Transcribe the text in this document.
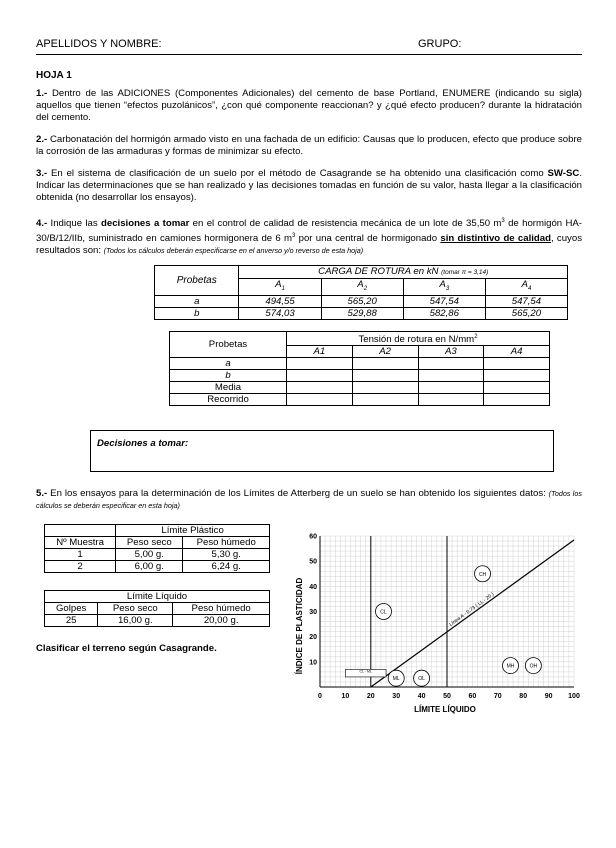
APELLIDOS Y NOMBRE:	GRUPO:
HOJA 1
1.- Dentro de las ADICIONES (Componentes Adicionales) del cemento de base Portland, ENUMERE (indicando su sigla) aquellos que tienen “efectos puzolánicos”, ¿con qué componente reaccionan? y ¿qué efecto producen? durante la hidratación del cemento.
2.- Carbonatación del hormigón armado visto en una fachada de un edificio: Causas que lo producen, efecto que produce sobre la corrosión de las armaduras y formas de minimizar su efecto.
3.- En el sistema de clasificación de un suelo por el método de Casagrande se ha obtenido una clasificación como SW-SC. Indicar las determinaciones que se han realizado y las decisiones tomadas en función de su valor, hasta llegar a la clasificación obtenida (no desarrollar los ensayos).
4.- Indique las decisiones a tomar en el control de calidad de resistencia mecánica de un lote de 35,50 $m^3$ de hormigón HA-30/B/12/IIb, suministrado en camiones hormigonera de 6 $m^3$ por una central de hormigonado sin distintivo de calidad, cuyos resultados son: (Todos los cálculos deberán especificarse en el anverso y/o reverso de esta hoja)
Probetas	CARGA DE ROTURA en kN (tomar π = 3,14)			
	$A_1$	$A_2$	$A_3$	$A_4$
a	494,55	565,20	547,54	547,54
b	574,03	529,88	582,86	565,20
Probetas	Tensión de rotura en $N/mm^2$
	A1	A2	A3	A4
a				
b				
Media				
Recorrido				
Decisiones a tomar:
5.- En los ensayos para la determinación de los Límites de Atterberg de un suelo se han obtenido los siguientes datos: (Todos los cálculos se deberán especificar en esta hoja)
	Límite Plástico	
Nº Muestra	Peso seco	Peso húmedo
1	5,00 g.	5,30 g.
2	6,00 g.	6,24 g.
Límite Líquido		
Golpes	Peso seco	Peso húmedo
25	16,00 g.	20,00 g.
Clasificar el terreno según Casagrande.
0	10	20	30	40	50	60	70	80	90 100
10
20
30
40
50
60
Línea A - 0,73 ( LL - 20 )
CL - ML
CH
CL
ML	OL
MH	OH
LÍMITE LÍQUIDO
ÍNDICE DE PLASTICIDAD
